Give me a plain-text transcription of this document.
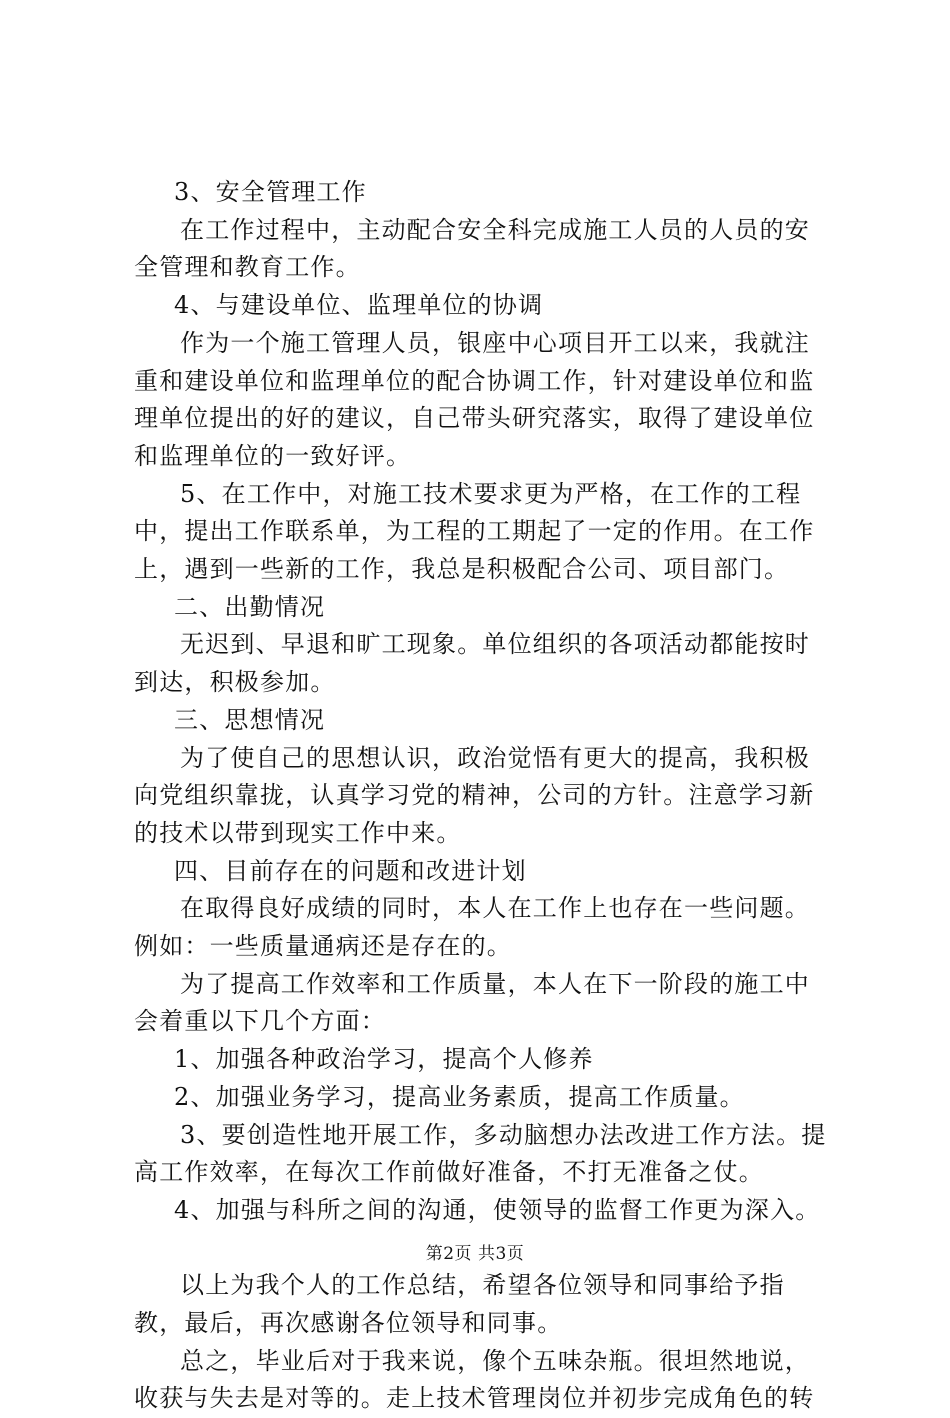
3、安全管理工作

在工作过程中，主动配合安全科完成施工人员的人员的安全管理和教育工作。

4、与建设单位、监理单位的协调

作为一个施工管理人员，银座中心项目开工以来，我就注重和建设单位和监理单位的配合协调工作，针对建设单位和监理单位提出的好的建议，自己带头研究落实，取得了建设单位和监理单位的一致好评。

5、在工作中，对施工技术要求更为严格，在工作的工程中，提出工作联系单，为工程的工期起了一定的作用。在工作上，遇到一些新的工作，我总是积极配合公司、项目部门。

二、出勤情况

无迟到、早退和旷工现象。单位组织的各项活动都能按时到达，积极参加。

三、思想情况

为了使自己的思想认识，政治觉悟有更大的提高，我积极向党组织靠拢，认真学习党的精神，公司的方针。注意学习新的技术以带到现实工作中来。

四、目前存在的问题和改进计划

在取得良好成绩的同时，本人在工作上也存在一些问题。例如：一些质量通病还是存在的。

为了提高工作效率和工作质量，本人在下一阶段的施工中会着重以下几个方面：

1、加强各种政治学习，提高个人修养

2、加强业务学习，提高业务素质，提高工作质量。

3、要创造性地开展工作，多动脑想办法改进工作方法。提高工作效率，在每次工作前做好准备，不打无准备之仗。

4、加强与科所之间的沟通，使领导的监督工作更为深入。

以上为我个人的工作总结，希望各位领导和同事给予指教，最后，再次感谢各位领导和同事。

总之，毕业后对于我来说，像个五味杂瓶。很坦然地说，收获与失去是对等的。走上技术管理岗位并初步完成角色的转

第2页 共3页
